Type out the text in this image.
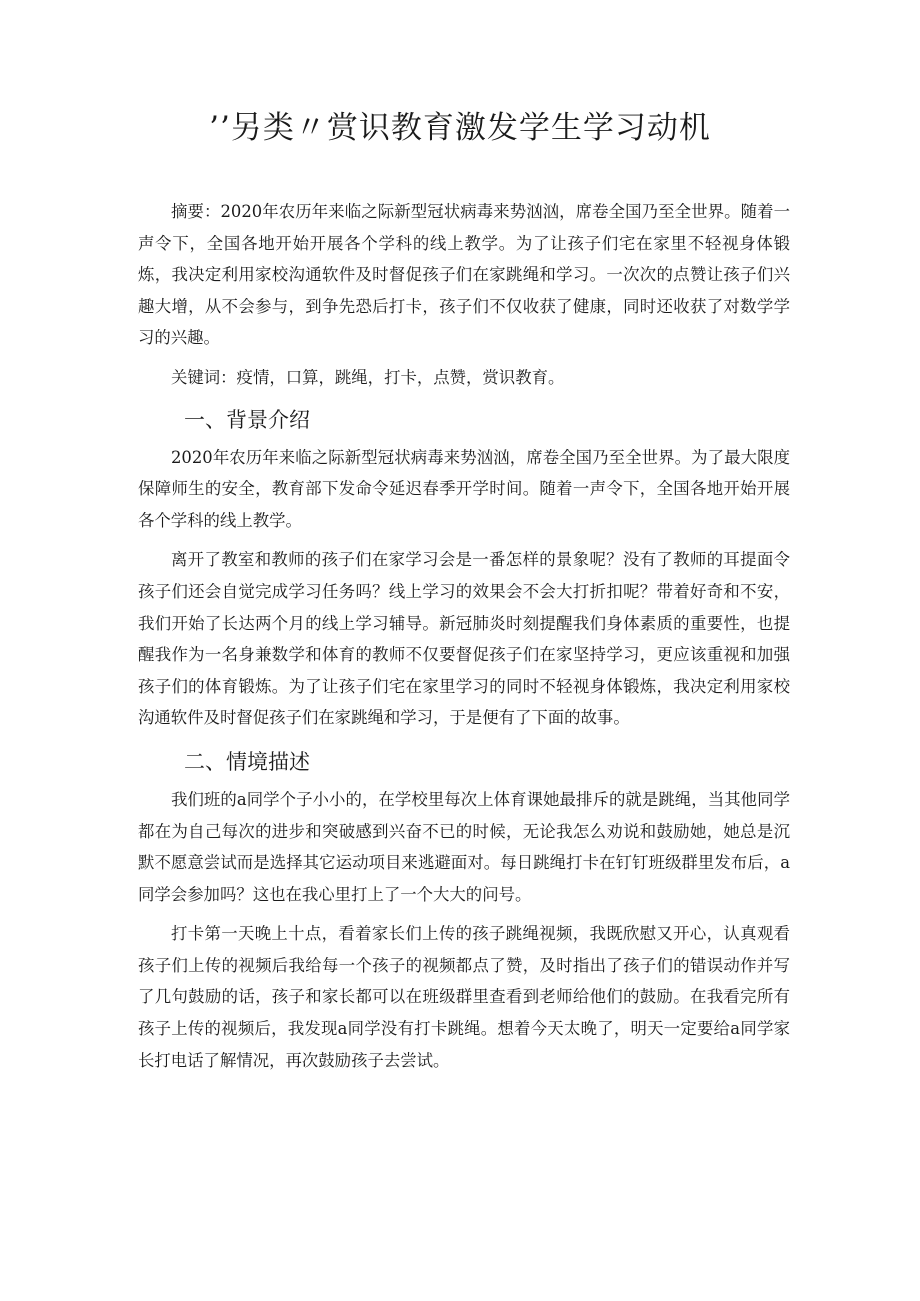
’’另类〃赏识教育激发学生学习动机

摘要：2020年农历年来临之际新型冠状病毒来势汹汹，席卷全国乃至全世界。随着一声令下，全国各地开始开展各个学科的线上教学。为了让孩子们宅在家里不轻视身体锻炼，我决定利用家校沟通软件及时督促孩子们在家跳绳和学习。一次次的点赞让孩子们兴趣大增，从不会参与，到争先恐后打卡，孩子们不仅收获了健康，同时还收获了对数学学习的兴趣。

关键词：疫情，口算，跳绳，打卡，点赞，赏识教育。

一、背景介绍

2020年农历年来临之际新型冠状病毒来势汹汹，席卷全国乃至全世界。为了最大限度保障师生的安全，教育部下发命令延迟春季开学时间。随着一声令下，全国各地开始开展各个学科的线上教学。

离开了教室和教师的孩子们在家学习会是一番怎样的景象呢？没有了教师的耳提面令孩子们还会自觉完成学习任务吗？线上学习的效果会不会大打折扣呢？带着好奇和不安，我们开始了长达两个月的线上学习辅导。新冠肺炎时刻提醒我们身体素质的重要性，也提醒我作为一名身兼数学和体育的教师不仅要督促孩子们在家坚持学习，更应该重视和加强孩子们的体育锻炼。为了让孩子们宅在家里学习的同时不轻视身体锻炼，我决定利用家校沟通软件及时督促孩子们在家跳绳和学习，于是便有了下面的故事。

二、情境描述

我们班的a同学个子小小的，在学校里每次上体育课她最排斥的就是跳绳，当其他同学都在为自己每次的进步和突破感到兴奋不已的时候，无论我怎么劝说和鼓励她，她总是沉默不愿意尝试而是选择其它运动项目来逃避面对。每日跳绳打卡在钉钉班级群里发布后，a同学会参加吗？这也在我心里打上了一个大大的问号。

打卡第一天晚上十点，看着家长们上传的孩子跳绳视频，我既欣慰又开心，认真观看孩子们上传的视频后我给每一个孩子的视频都点了赞，及时指出了孩子们的错误动作并写了几句鼓励的话，孩子和家长都可以在班级群里查看到老师给他们的鼓励。在我看完所有孩子上传的视频后，我发现a同学没有打卡跳绳。想着今天太晚了，明天一定要给a同学家长打电话了解情况，再次鼓励孩子去尝试。
